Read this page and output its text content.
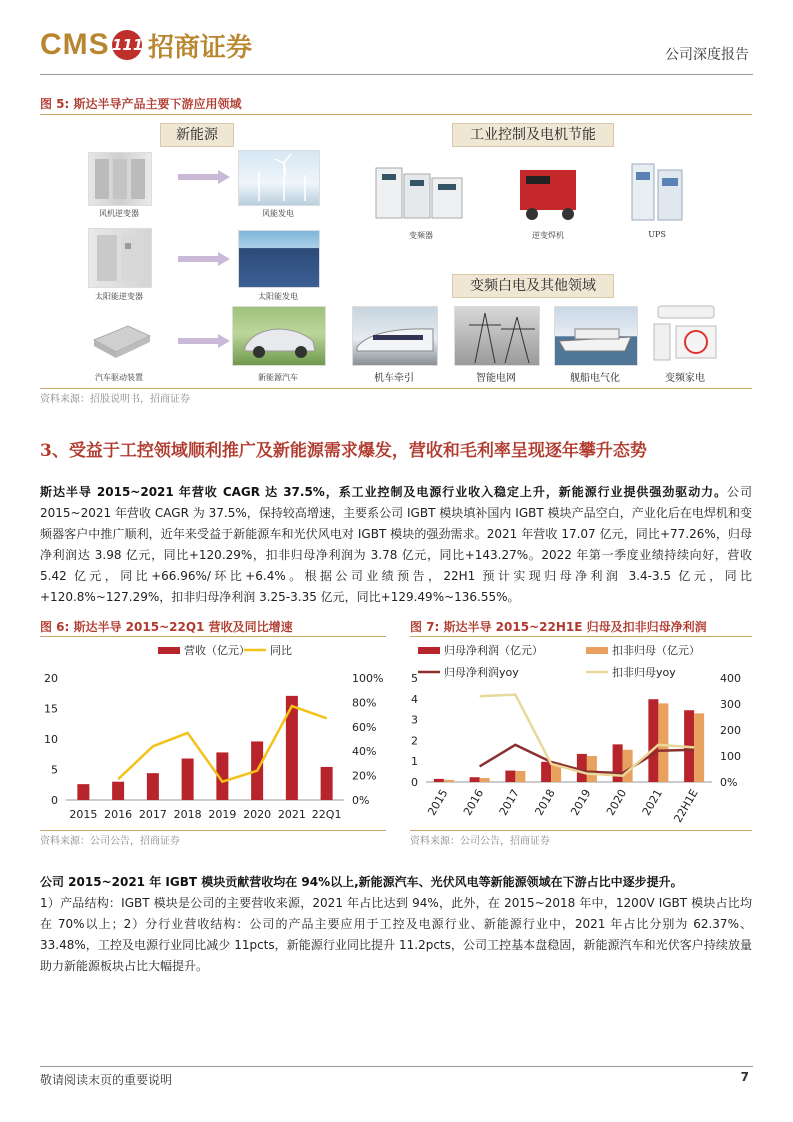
CMS 111 招商证券	公司深度报告
图 5: 斯达半导产品主要下游应用领域
新能源	工业控制及电机节能
变频白电及其他领域
风机逆变器	风能发电
太阳能逆变器	太阳能发电
汽车驱动装置	新能源汽车
变频器	逆变焊机	UPS
机车牵引	智能电网	舰船电气化	变频家电
资料来源：招股说明书，招商证券
3、受益于工控领域顺利推广及新能源需求爆发，营收和毛利率呈现逐年攀升态势
斯达半导 2015~2021 年营收 CAGR 达 37.5%，系工业控制及电源行业收入稳定上升，新能源行业提供强劲驱动力。公司 2015~2021 年营收 CAGR 为 37.5%，保持较高增速，主要系公司 IGBT 模块填补国内 IGBT 模块产品空白，产业化后在电焊机和变频器客户中推广顺利，近年来受益于新能源车和光伏风电对 IGBT 模块的强劲需求。2021 年营收 17.07 亿元，同比+77.26%，归母净利润达 3.98 亿元，同比+120.29%，扣非归母净利润为 3.78 亿元，同比+143.27%。2022 年第一季度业绩持续向好，营收 5.42 亿元，同比+66.96%/环比+6.4%。根据公司业绩预告，22H1 预计实现归母净利润 3.4-3.5 亿元，同比+120.8%~127.29%，扣非归母净利润 3.25-3.35 亿元，同比+129.49%~136.55%。
图 6: 斯达半导 2015~22Q1 营收及同比增速	图 7: 斯达半导 2015~22H1E 归母及扣非归母净利润
营收（亿元） 同比
0
5
10
15
20
0%
20%
40%
60%
80%
100%
2015 2016 2017 2018 2019 2020 2021 22Q1
归母净利润（亿元）	扣非归母（亿元）
归母净利润yoy	扣非归母yoy
0
1
2
3
4
5
0%
100
200
300
400
2015 2016 2017 2018 2019 2020 2021 22H1E
资料来源：公司公告，招商证券	资料来源：公司公告，招商证券
公司 2015~2021 年 IGBT 模块贡献营收均在 94%以上,新能源汽车、光伏风电等新能源领域在下游占比中逐步提升。
1）产品结构：IGBT 模块是公司的主要营收来源，2021 年占比达到 94%，此外，在 2015~2018 年中，1200V IGBT 模块占比均在 70%以上；2）分行业营收结构：公司的产品主要应用于工控及电源行业、新能源行业中，2021 年占比分别为 62.37%、33.48%，工控及电源行业同比减少 11pcts，新能源行业同比提升 11.2pcts，公司工控基本盘稳固，新能源汽车和光伏客户持续放量助力新能源板块占比大幅提升。
敬请阅读末页的重要说明	7
